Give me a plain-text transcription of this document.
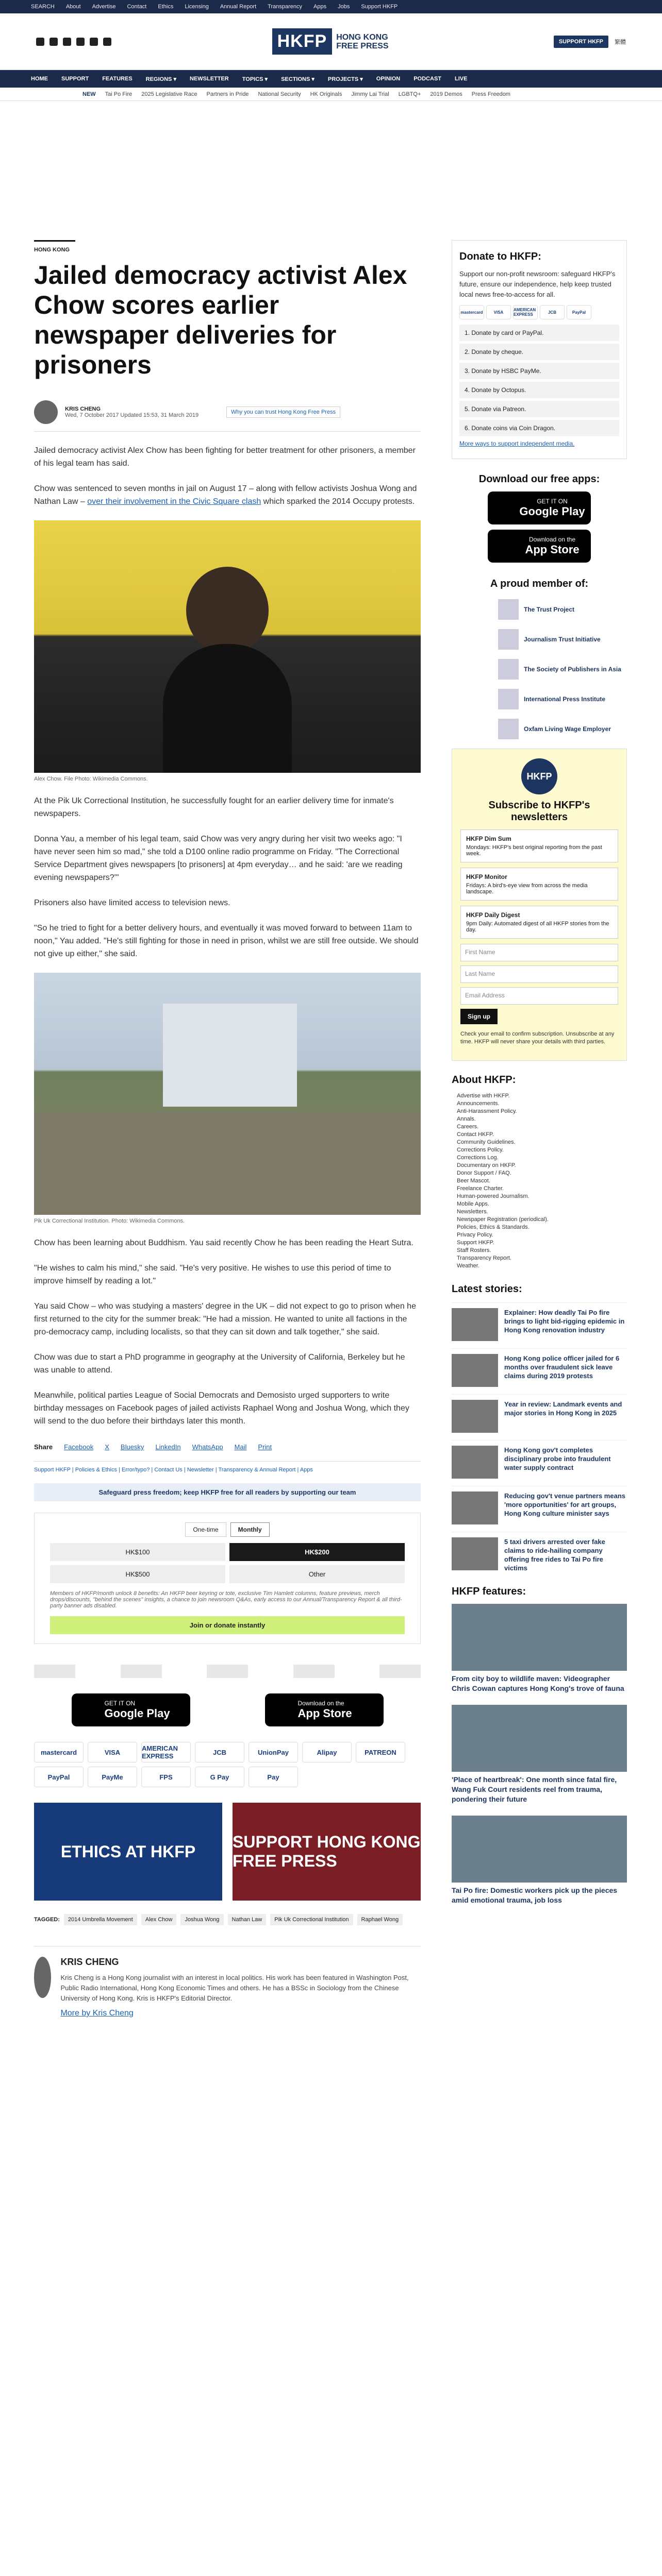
SEARCH About Advertise Contact Ethics Licensing Annual Report Transparency Apps Jobs Support HKFP
HKFP	HONG KONG FREE PRESS	SUPPORT HKFP	繁體
HOME SUPPORT FEATURES REGIONS ▾ NEWSLETTER TOPICS ▾ SECTIONS ▾ PROJECTS ▾ OPINION PODCAST LIVE
NEW Tai Po Fire 2025 Legislative Race Partners in Pride National Security HK Originals Jimmy Lai Trial LGBTQ+ 2019 Demos Press Freedom
HONG KONG
Jailed democracy activist Alex Chow scores earlier newspaper deliveries for prisoners
KRIS CHENG
Wed, 7 October 2017 Updated 15:53, 31 March 2019	Why you can trust Hong Kong Free Press

Jailed democracy activist Alex Chow has been fighting for better treatment for other prisoners, a member of his legal team has said.

Chow was sentenced to seven months in jail on August 17 – along with fellow activists Joshua Wong and Nathan Law – over their involvement in the Civic Square clash which sparked the 2014 Occupy protests.

Alex Chow. File Photo: Wikimedia Commons.

At the Pik Uk Correctional Institution, he successfully fought for an earlier delivery time for inmate's newspapers.

Donna Yau, a member of his legal team, said Chow was very angry during her visit two weeks ago: "I have never seen him so mad," she told a D100 online radio programme on Friday. "The Correctional Service Department gives newspapers [to prisoners] at 4pm everyday… and he said: 'are we reading evening newspapers?'"

Prisoners also have limited access to television news.

"So he tried to fight for a better delivery hours, and eventually it was moved forward to between 11am to noon," Yau added. "He's still fighting for those in need in prison, whilst we are still free outside. We should not give up either," she said.

Pik Uk Correctional Institution. Photo: Wikimedia Commons.

Chow has been learning about Buddhism. Yau said recently Chow he has been reading the Heart Sutra.

"He wishes to calm his mind," she said. "He's very positive. He wishes to use this period of time to improve himself by reading a lot."

Yau said Chow – who was studying a masters' degree in the UK – did not expect to go to prison when he first returned to the city for the summer break: "He had a mission. He wanted to unite all factions in the pro-democracy camp, including localists, so that they can sit down and talk together," she said.

Chow was due to start a PhD programme in geography at the University of California, Berkeley but he was unable to attend.

Meanwhile, political parties League of Social Democrats and Demosisto urged supporters to write birthday messages on Facebook pages of jailed activists Raphael Wong and Joshua Wong, which they will send to the duo before their birthdays later this month.

Share Facebook X Bluesky LinkedIn WhatsApp Mail Print
Support HKFP | Policies & Ethics | Error/typo? | Contact Us | Newsletter | Transparency & Annual Report | Apps
Safeguard press freedom; keep HKFP free for all readers by supporting our team
One-time	Monthly
HK$100	HK$200
HK$500	Other
Members of HKFP/month unlock 8 benefits: An HKFP beer keyring or tote, exclusive Tim Hamlett columns, feature previews, merch drops/discounts, "behind the scenes" insights, a chance to join newsroom Q&As, early access to our Annual/Transparency Report & all third-party banner ads disabled.
Join or donate instantly
GET IT ON
Google Play
Download on the
App Store
mastercard	VISA	AMERICAN EXPRESS	JCB	UnionPay	Alipay	PATREON
PayPal	PayMe	FPS	G Pay	Pay
ETHICS AT HKFP
SUPPORT HONG KONG FREE PRESS
TAGGED:	2014 Umbrella Movement	Alex Chow	Joshua Wong	Nathan Law	Pik Uk Correctional Institution	Raphael Wong
KRIS CHENG

Kris Cheng is a Hong Kong journalist with an interest in local politics. His work has been featured in Washington Post, Public Radio International, Hong Kong Economic Times and others. He has a BSSc in Sociology from the Chinese University of Hong Kong. Kris is HKFP's Editorial Director.

More by Kris Cheng
Donate to HKFP:
Support our non-profit newsroom: safeguard HKFP's future, ensure our independence, help keep trusted local news free-to-access for all.
mastercard	VISA	AMERICAN EXPRESS	JCB	PayPal
1. Donate by card or PayPal.
2. Donate by cheque.
3. Donate by HSBC PayMe.
4. Donate by Octopus.
5. Donate via Patreon.
6. Donate coins via Coin Dragon.
More ways to support independent media.
Download our free apps:
GET IT ON
Google Play
Download on the
App Store
A proud member of:
The Trust Project
Journalism Trust Initiative
The Society of Publishers in Asia
International Press Institute
Oxfam Living Wage Employer
HKFP
Subscribe to HKFP's newsletters
HKFP Dim Sum
Mondays: HKFP's best original reporting from the past week.
HKFP Monitor
Fridays: A bird's-eye view from across the media landscape.
HKFP Daily Digest
9pm Daily: Automated digest of all HKFP stories from the day.
First Name
Last Name
Email Address
Sign up
Check your email to confirm subscription. Unsubscribe at any time. HKFP will never share your details with third parties.
About HKFP:
Advertise with HKFP.
Announcements.
Anti-Harassment Policy.
Annals.
Careers.
Contact HKFP.
Community Guidelines.
Corrections Policy.
Corrections Log.
Documentary on HKFP.
Donor Support / FAQ.
Beer Mascot.
Freelance Charter.
Human-powered Journalism.
Mobile Apps.
Newsletters.
Newspaper Registration (periodical).
Policies, Ethics & Standards.
Privacy Policy.
Support HKFP.
Staff Rosters.
Transparency Report.
Weather.
Latest stories:
Explainer: How deadly Tai Po fire brings to light bid-rigging epidemic in Hong Kong renovation industry
Hong Kong police officer jailed for 6 months over fraudulent sick leave claims during 2019 protests
Year in review: Landmark events and major stories in Hong Kong in 2025
Hong Kong gov't completes disciplinary probe into fraudulent water supply contract
Reducing gov't venue partners means 'more opportunities' for art groups, Hong Kong culture minister says
5 taxi drivers arrested over fake claims to ride-hailing company offering free rides to Tai Po fire victims
HKFP features:
From city boy to wildlife maven: Videographer Chris Cowan captures Hong Kong's trove of fauna
'Place of heartbreak': One month since fatal fire, Wang Fuk Court residents reel from trauma, pondering their future
Tai Po fire: Domestic workers pick up the pieces amid emotional trauma, job loss
